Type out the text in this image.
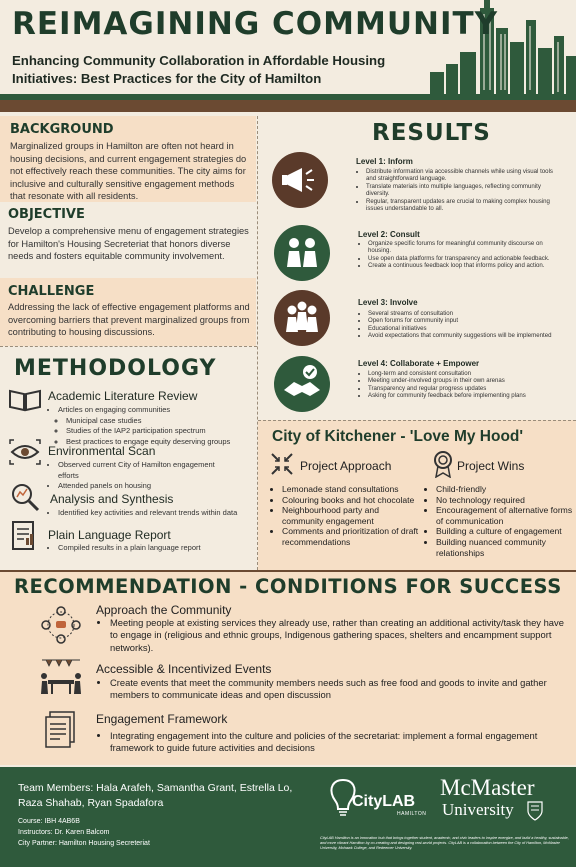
REIMAGINING COMMUNITY
Enhancing Community Collaboration in Affordable Housing Initiatives: Best Practices for the City of Hamilton
BACKGROUND
Marginalized groups in Hamilton are often not heard in housing decisions, and current engagement strategies do not effectively reach these communities. The city aims for inclusive and culturally sensitive engagement methods that resonate with all residents.
OBJECTIVE
Develop a comprehensive menu of engagement strategies for Hamilton's Housing Secreteriat that honors diverse needs and fosters equitable community involvement.
CHALLENGE
Addressing the lack of effective engagement platforms and overcoming barriers that prevent marginalized groups from contributing to housing discussions.
METHODOLOGY
Academic Literature Review
• Articles on engaging communities
◦ Municipal case studies
◦ Studies of the IAP2 participation spectrum
◦ Best practices to engage equity deserving groups
Environmental Scan
• Observed current City of Hamilton engagement efforts
• Attended panels on housing
Analysis and Synthesis
• Identified key activities and relevant trends within data
Plain Language Report
• Compiled results in a plain language report
RESULTS
Level 1: Inform
• Distribute information via accessible channels while using visual tools and straightforward language.
• Translate materials into multiple languages, reflecting community diversity.
• Regular, transparent updates are crucial to making complex housing issues understandable to all.
Level 2: Consult
• Organize specific forums for meaningful community discourse on housing.
• Use open data platforms for transparency and actionable feedback.
• Create a continuous feedback loop that informs policy and action.
Level 3: Involve
• Several streams of consultation
• Open forums for community input
• Educational initiatives
• Avoid expectations that community suggestions will be implemented
Level 4: Collaborate + Empower
• Long-term and consistent consultation
• Meeting under-involved groups in their own arenas
• Transparency and regular progress updates
• Asking for community feedback before implementing plans
City of Kitchener - 'Love My Hood'
Project Approach
• Lemonade stand consultations
• Colouring books and hot chocolate
• Neighbourhood party and community engagement
• Comments and prioritization of draft recommendations
Project Wins
• Child-friendly
• No technology required
• Encouragement of alternative forms of communication
• Building a culture of engagement
• Building nuanced community relationships
RECOMMENDATION - CONDITIONS FOR SUCCESS
Approach the Community
• Meeting people at existing services they already use, rather than creating an additional activity/task they have to engage in (religious and ethnic groups, Indigenous gathering spaces, shelters and encampment support networks).
Accessible & Incentivized Events
• Create events that meet the community members needs such as free food and goods to invite and gather members to communicate ideas and open discussion
Engagement Framework
• Integrating engagement into the culture and policies of the secretariat: implement a formal engagement framework to guide future activities and decisions
Team Members: Hala Arafeh, Samantha Grant, Estrella Lo, Raza Shahab, Ryan Spadafora
Course: IBH 4AB6B
Instructors: Dr. Karen Balcom
City Partner: Hamilton Housing Secreteriat
CityLAB
HAMILTON
McMaster
University
CityLAB Hamilton is an innovation hub that brings together student, academic, and civic leaders to inspire energize, and build a healthy, sustainable, and more vibrant Hamilton by co-creating and designing real-world projects. CityLAB is a collaboration between the City of Hamilton, McMaster University, Mohawk College, and Redeemer University.
